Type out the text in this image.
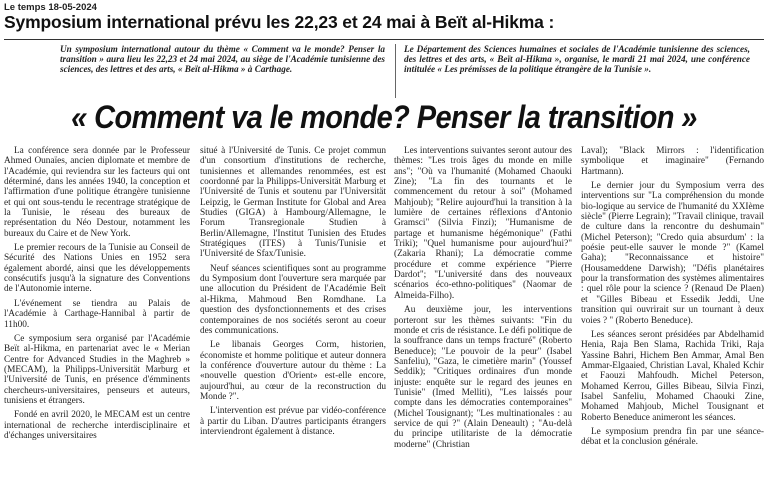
Le temps 18-05-2024
Symposium international prévu les 22,23 et 24 mai à Beït al-Hikma :
Un symposium international autour du thème « Comment va le monde? Penser la transition » aura lieu les 22,23 et 24 mai 2024, au siège de l'Académie tunisienne des sciences, des lettres et des arts, « Beït al-Hikma » à Carthage.
Le Département des Sciences humaines et sociales de l'Académie tunisienne des sciences, des lettres et des arts, « Beït al-Hikma », organise, le mardi 21 mai 2024, une conférence intitulée « Les prémisses de la politique étrangère de la Tunisie ».
« Comment va le monde? Penser la transition »

La conférence sera donnée par le Professeur Ahmed Ounaïes, ancien diplomate et membre de l'Académie, qui reviendra sur les facteurs qui ont déterminé, dans les années 1940, la conception et l'affirmation d'une politique étrangère tunisienne et qui ont sous-tendu le recentrage stratégique de la Tunisie, le réseau des bureaux de représentation du Néo Destour, notamment les bureaux du Caire et de New York.

Le premier recours de la Tunisie au Conseil de Sécurité des Nations Unies en 1952 sera également abordé, ainsi que les développements consécutifs jusqu'à la signature des Conventions de l'Autonomie interne.

L'événement se tiendra au Palais de l'Académie à Carthage-Hannibal à partir de 11h00.

Ce symposium sera organisé par l'Académie Beït al-Hikma, en partenariat avec le « Merian Centre for Advanced Studies in the Maghreb » (MECAM), la Philipps-Universität Marburg et l'Université de Tunis, en présence d'émminents chercheurs-universitaires, penseurs et auteurs, tunisiens et étrangers.

Fondé en avril 2020, le MECAM est un centre international de recherche interdisciplinaire et d'échanges universitaires

situé à l'Université de Tunis. Ce projet commun d'un consortium d'institutions de recherche, tunisiennes et allemandes renommées, est est coordonné par la Philipps-Universität Marburg et l'Université de Tunis et soutenu par l'Universität Leipzig, le German Institute for Global and Area Studies (GIGA) à Hambourg/Allemagne, le Forum Transregionale Studien à Berlin/Allemagne, l'Institut Tunisien des Etudes Stratégiques (ITES) à Tunis/Tunisie et l'Université de Sfax/Tunisie.

Neuf séances scientifiques sont au programme du Symposium dont l'ouverture sera marquée par une allocution du Président de l'Académie Beït al-Hikma, Mahmoud Ben Romdhane. La question des dysfonctionnements et des crises contemporaines de nos sociétés seront au coeur des communications.

Le libanais Georges Corm, historien, économiste et homme politique et auteur donnera la conférence d'ouverture autour du thème : La «nouvelle question d'Orient» est-elle encore, aujourd'hui, au cœur de la reconstruction du Monde ?".

L'intervention est prévue par vidéo-conférence à partir du Liban. D'autres participants étrangers interviendront également à distance.

Les interventions suivantes seront autour des thèmes: "Les trois âges du monde en mille ans"; "Où va l'humanité (Mohamed Chaouki Zine); "La fin des tournants et le commencement du retour à soi" (Mohamed Mahjoub); "Relire aujourd'hui la transition à la lumière de certaines réflexions d'Antonio Gramsci" (Silvia Finzi); "Humanisme de partage et humanisme hégémonique" (Fathi Triki); "Quel humanisme pour aujourd'hui?" (Zakaria Rhani); La démocratie comme procédure et comme expérience "Pierre Dardot"; "L'université dans des nouveaux scénarios éco-ethno-politiques" (Naomar de Almeida-Filho).

Au deuxième jour, les interventions porteront sur les thèmes suivants: "Fin du monde et cris de résistance. Le défi politique de la souffrance dans un temps fracturé" (Roberto Beneduce); "Le pouvoir de la peur" (Isabel Sanfeliu), "Gaza, le cimetière marin" (Youssef Seddik); "Critiques ordinaires d'un monde injuste: enquête sur le regard des jeunes en Tunisie" (Imed Melliti), "Les laissés pour compte dans les démocraties contemporaines" (Michel Tousignant); "Les multinationales : au service de qui ?" (Alain Deneault) ; "Au-delà du principe utilitariste de la démocratie moderne" (Christian

Laval); "Black Mirrors : l'identification symbolique et imaginaire" (Fernando Hartmann).

Le dernier jour du Symposium verra des interventions sur "La compréhension du monde bio-logique au service de l'humanité du XXIème siècle" (Pierre Legrain); "Travail clinique, travail de culture dans la rencontre du deshumain" (Michel Peterson); "Credo quia absurdum' : la poésie peut-elle sauver le monde ?" (Kamel Gaha); "Reconnaissance et histoire" (Housameddene Darwish); "Défis planétaires pour la transformation des systèmes alimentaires : quel rôle pour la science ? (Renaud De Plaen) et "Gilles Bibeau et Essedik Jeddi, Une transition qui ouvrirait sur un tournant à deux voies ? " (Roberto Beneduce).

Les séances seront présidées par Abdelhamid Henia, Raja Ben Slama, Rachida Triki, Raja Yassine Bahri, Hichem Ben Ammar, Amal Ben Ammar-Elgaaied, Christian Laval, Khaled Kchir et Faouzi Mahfoudh. Michel Peterson, Mohamed Kerrou, Gilles Bibeau, Silvia Finzi, Isabel Sanfeliu, Mohamed Chaouki Zine, Mohamed Mahjoub, Michel Tousignant et Roberto Beneduce animeront les séances.

Le symposium prendra fin par une séance-débat et la conclusion générale.
